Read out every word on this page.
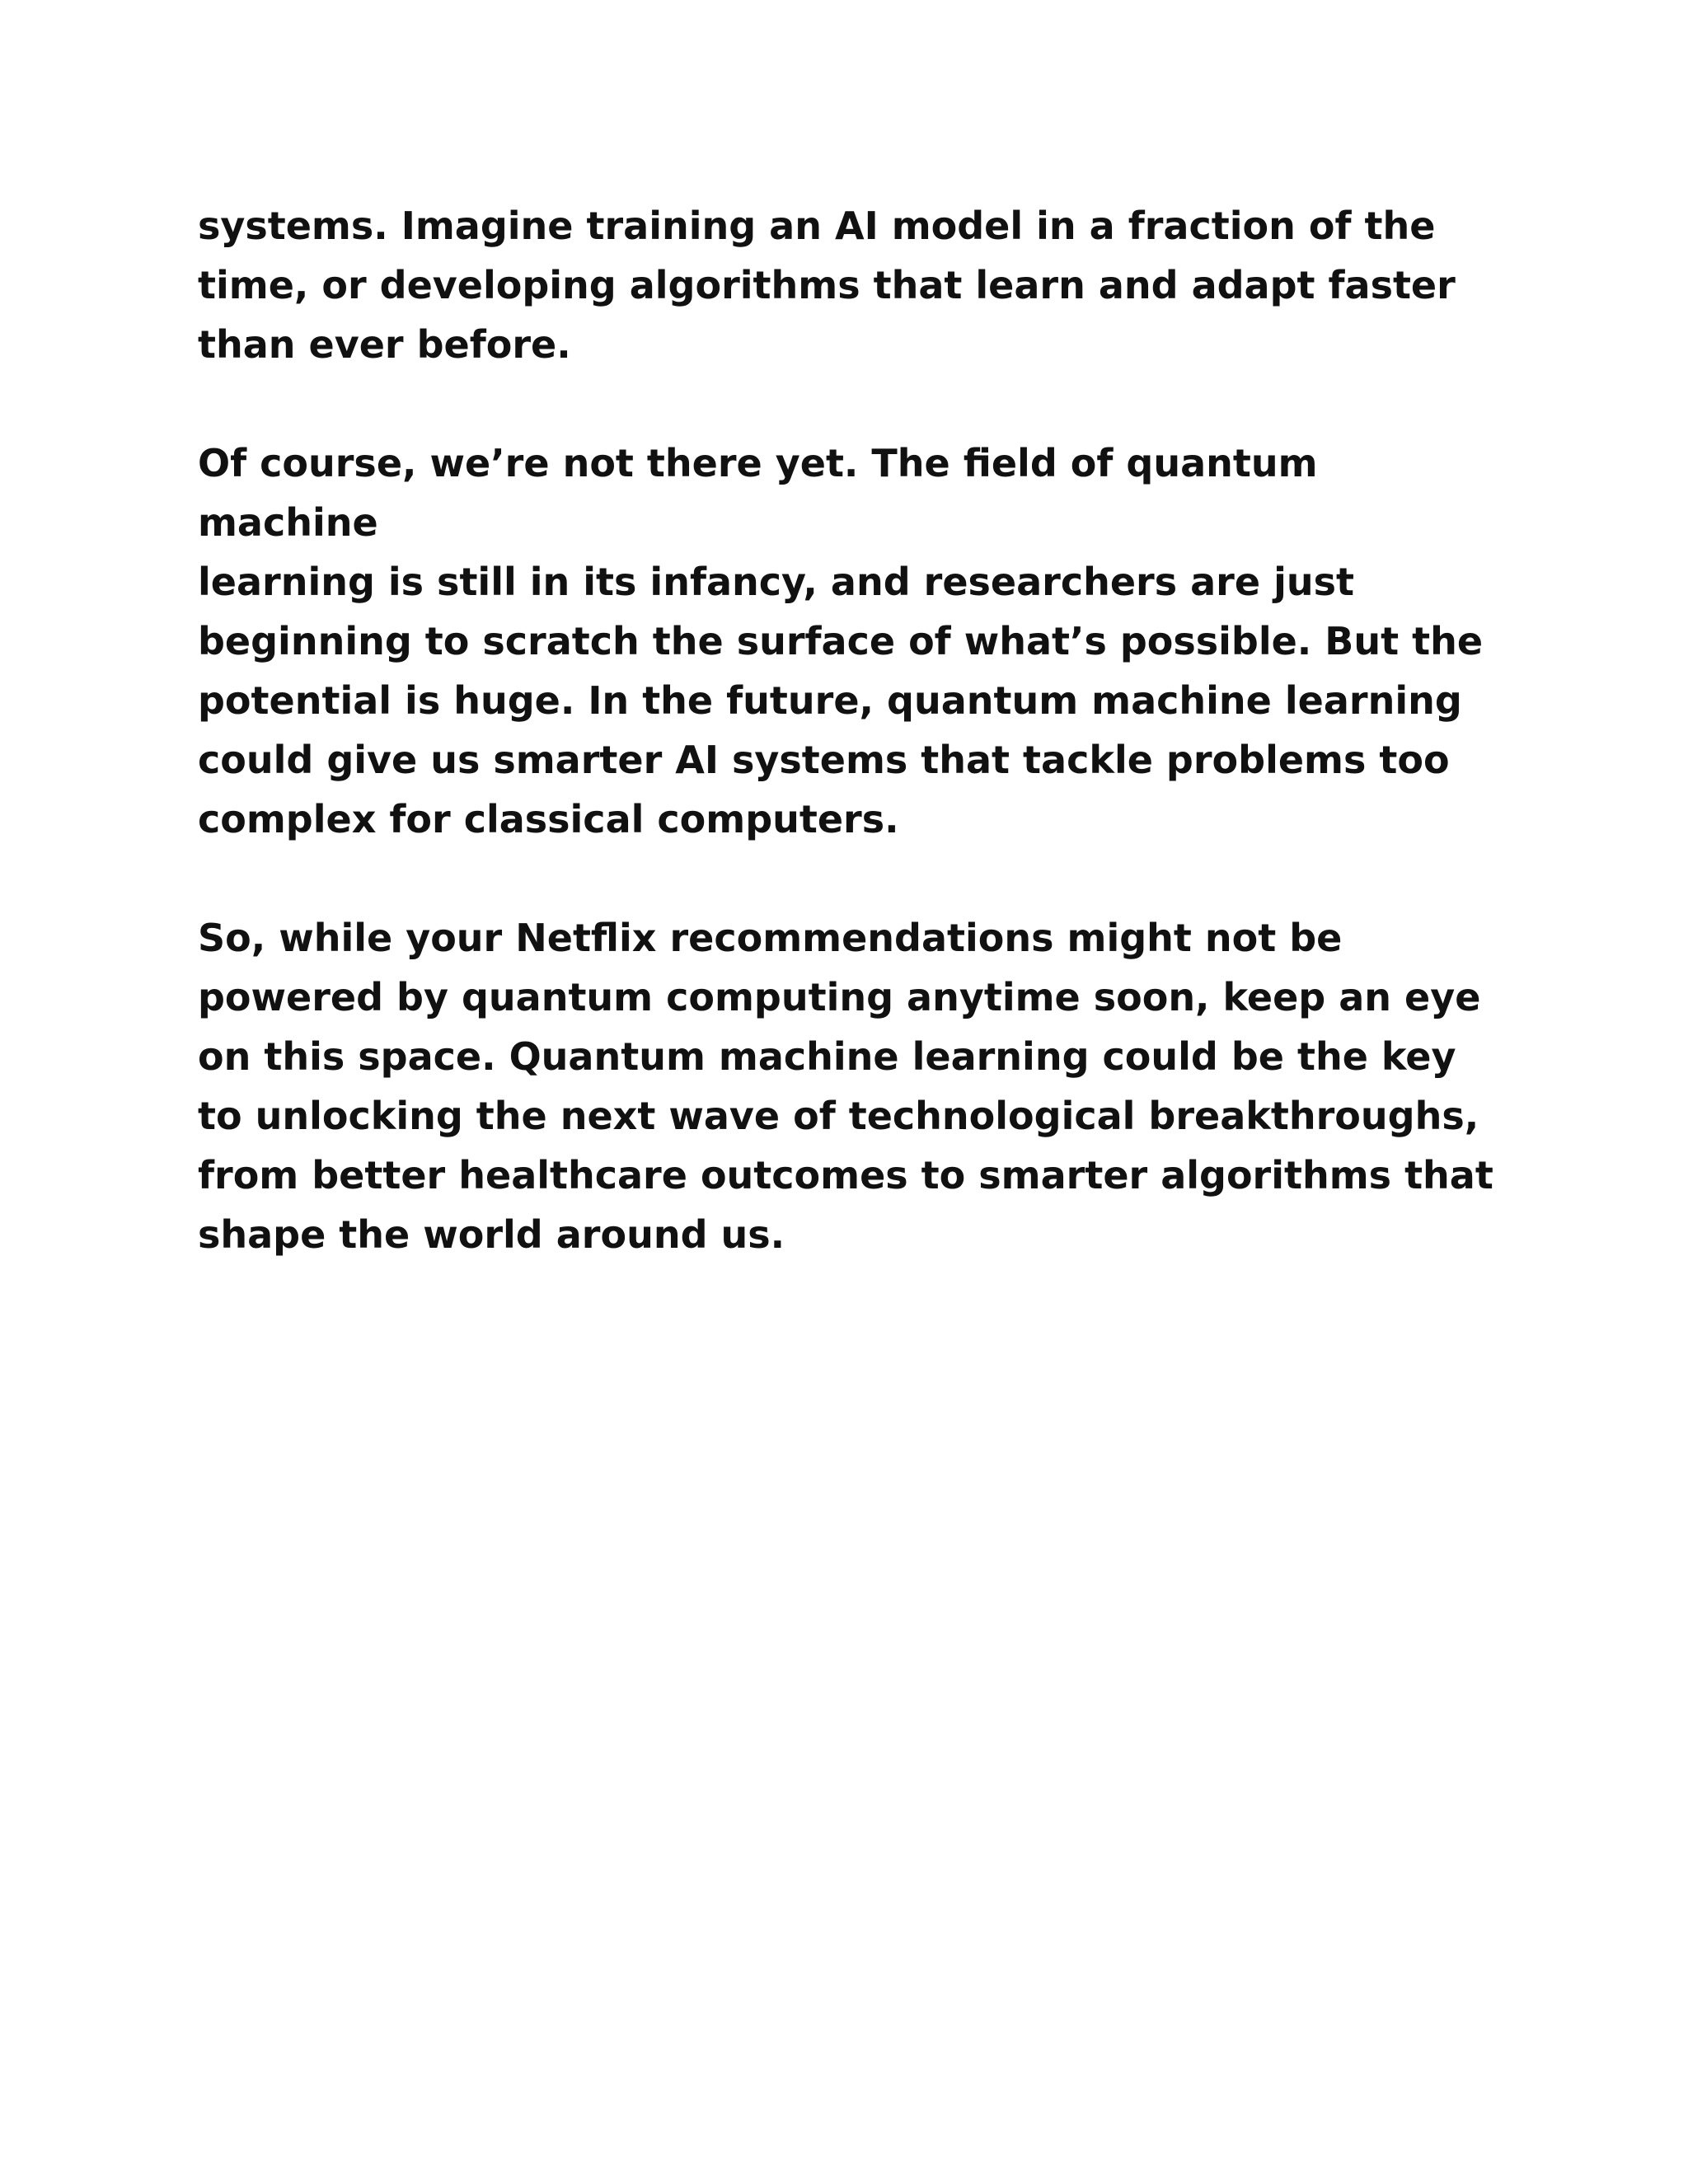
systems. Imagine training an AI model in a fraction of the
time, or developing algorithms that learn and adapt faster
than ever before.

Of course, we’re not there yet. The field of quantum machine
learning is still in its infancy, and researchers are just
beginning to scratch the surface of what’s possible. But the
potential is huge. In the future, quantum machine learning
could give us smarter AI systems that tackle problems too
complex for classical computers.

So, while your Netflix recommendations might not be
powered by quantum computing anytime soon, keep an eye
on this space. Quantum machine learning could be the key
to unlocking the next wave of technological breakthroughs,
from better healthcare outcomes to smarter algorithms that
shape the world around us.
